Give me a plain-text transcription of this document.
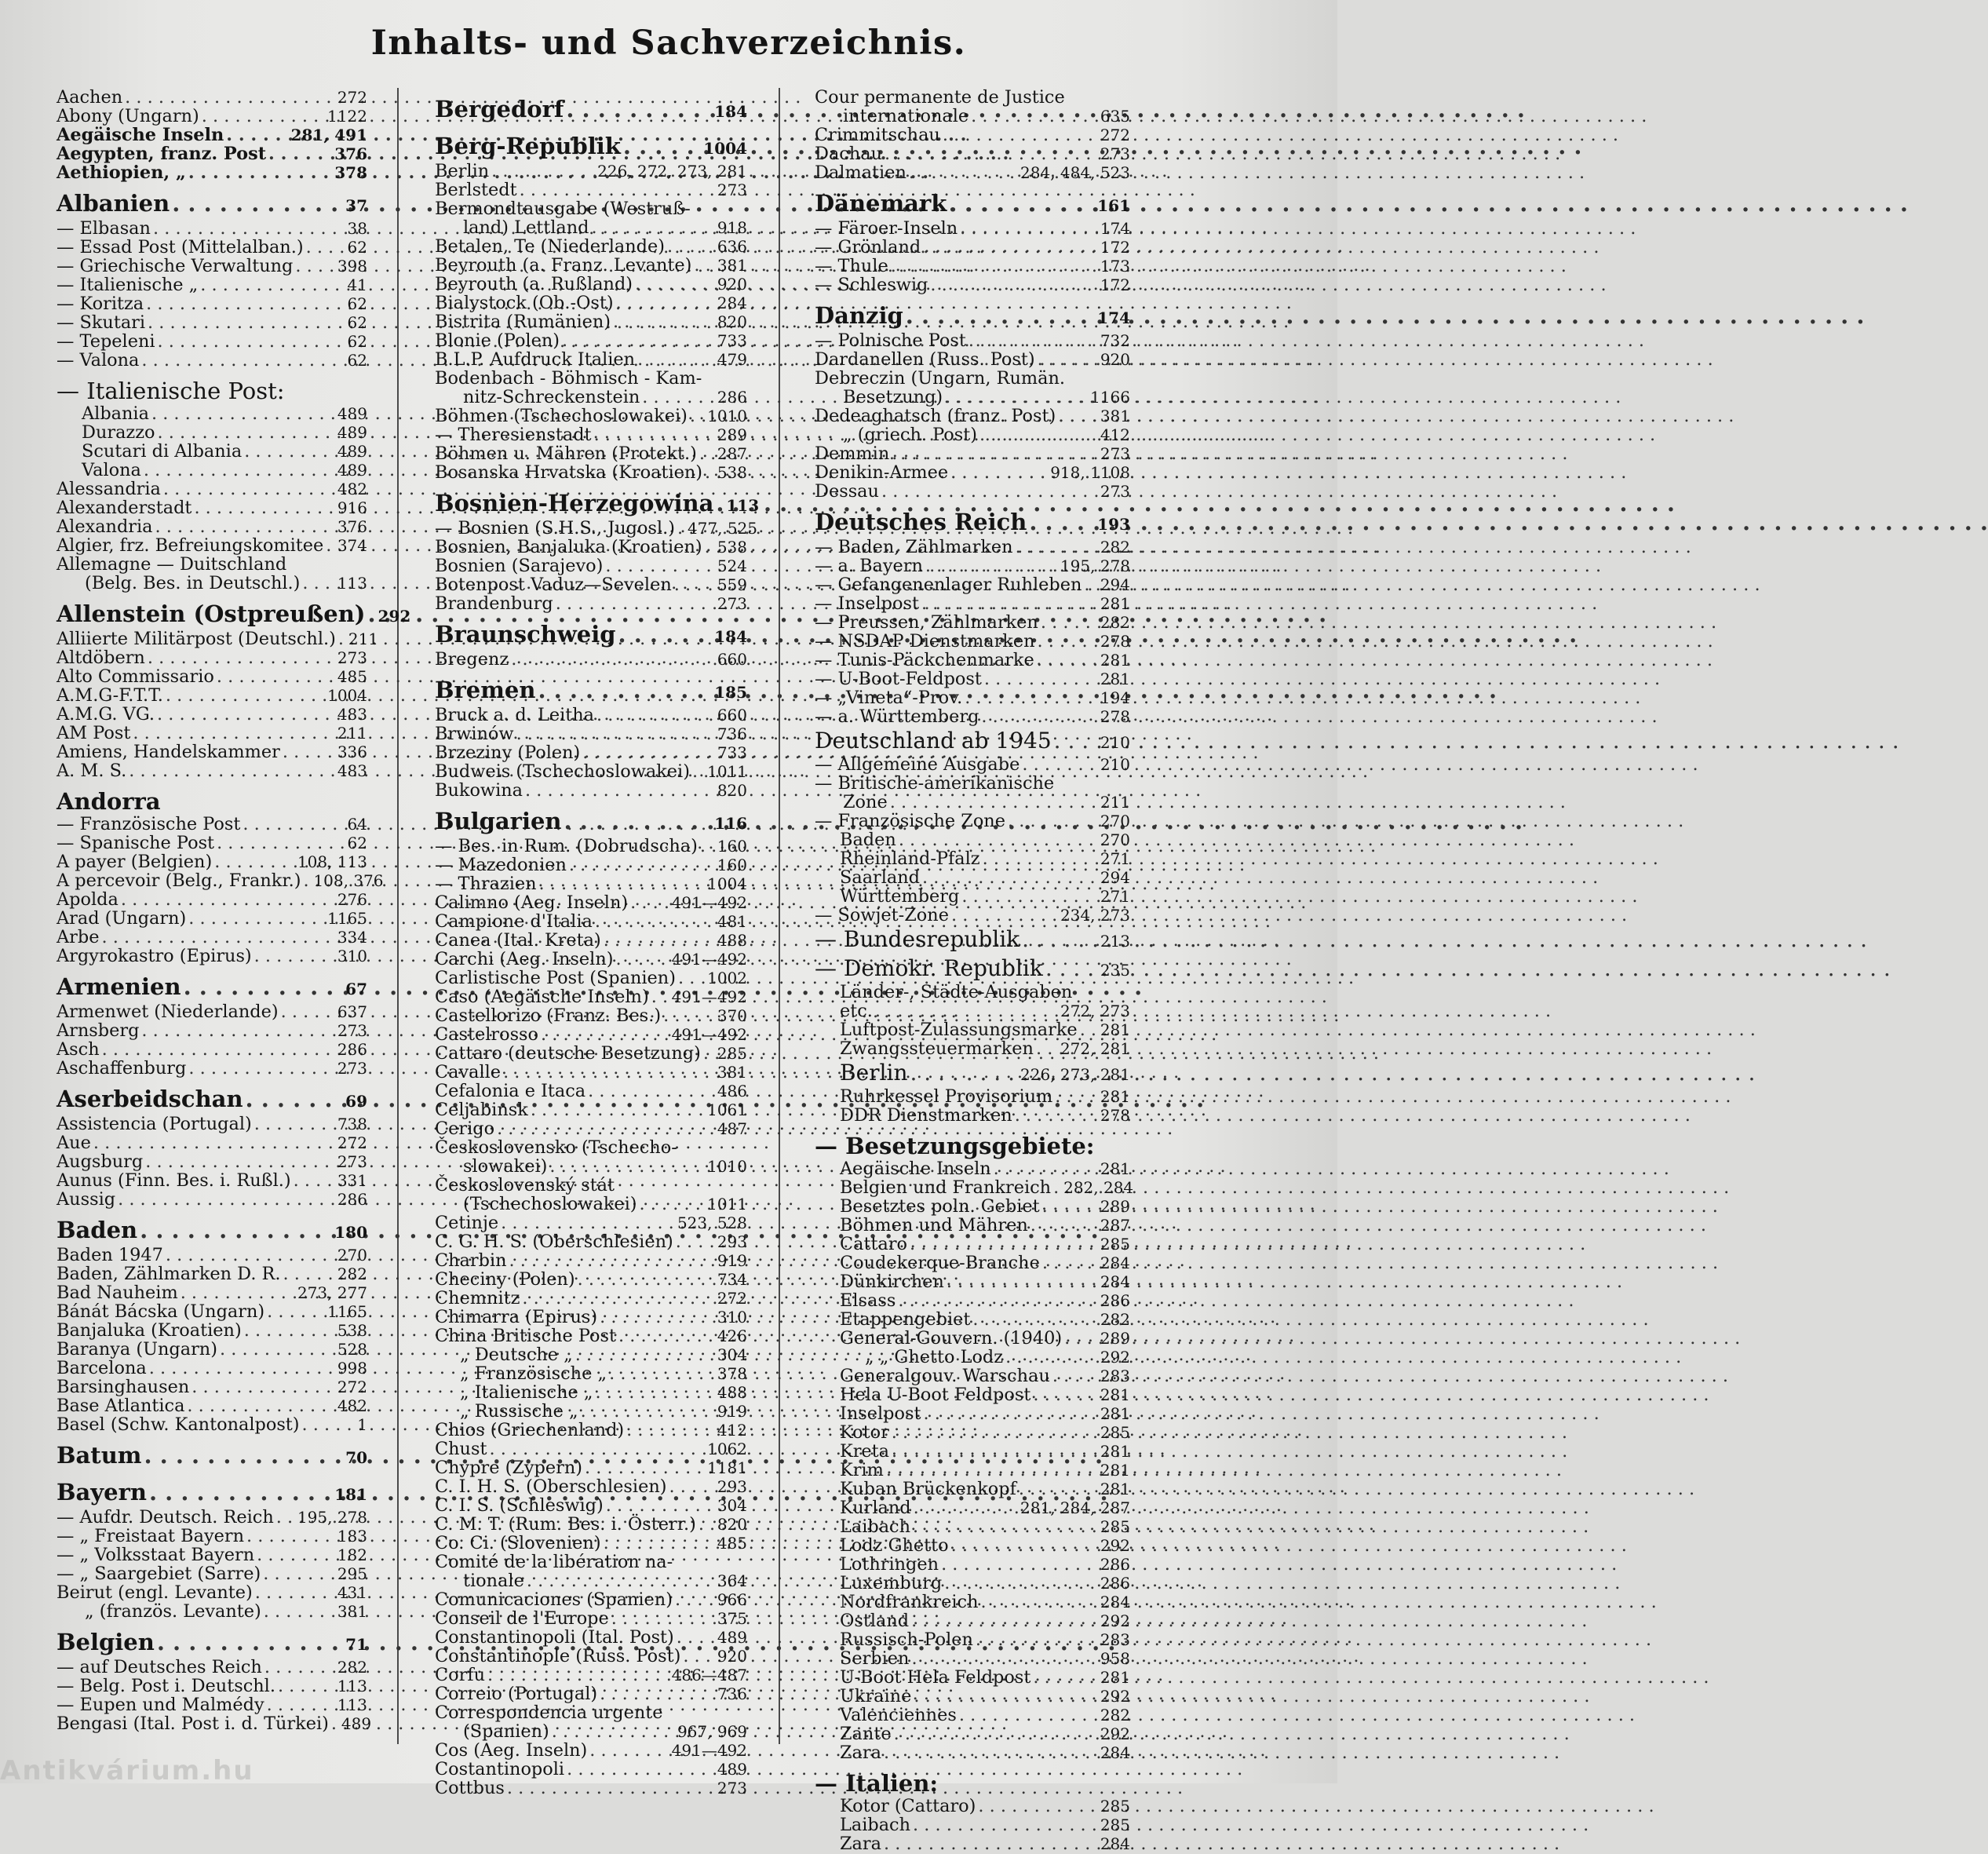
Inhalts- und Sachverzeichnis.
Aachen . . .	272
Abony (Ungarn) . . .	1122
Aegäische Inseln . . .	281, 491
Aegypten, franz. Post . . .	376
Aethiopien, „ . . .	378
Albanien . . .	37
— Elbasan . . .	38
— Essad Post (Mittelalban.) . . .	62
— Griechische Verwaltung . . .	398
— Italienische „ . . .	41
— Koritza . . .	62
— Skutari . . .	62
— Tepeleni . . .	62
— Valona . . .	62
— Italienische Post:
Albania . . .	489
Durazzo . . .	489
Scutari di Albania . . .	489
Valona . . .	489
Alessandria . . .	482
Alexanderstadt . . .	916
Alexandria . . .	376
Algier, frz. Befreiungskomitee . . . 374
Allemagne — Duitschland
(Belg. Bes. in Deutschl.) . . . 113
Allenstein (Ostpreußen) . . . 292
Alliierte Militärpost (Deutschl.) . . . 211
Altdöbern . . .	273
Alto Commissario . . .	485
A.M.G-F.T.T. . . .	1004
A.M.G. VG. . . .	483
AM Post . . .	211
Amiens, Handelskammer . . .	336
A. M. S. . . .	483
Andorra
— Französische Post . . .	64
— Spanische Post . . .	62
A payer (Belgien) . . .	108, 113
A percevoir (Belg., Frankr.) . . . 108, 376
Apolda . . .	276
Arad (Ungarn) . . .	1165
Arbe . . .	334
Argyrokastro (Epirus) . . .	310
Armenien . . .	67
Armenwet (Niederlande) . . .	637
Arnsberg . . .	273
Asch . . .	286
Aschaffenburg . . .	273
Aserbeidschan . . .	69
Assistencia (Portugal) . . .	738
Aue . . .	272
Augsburg . . .	273
Aunus (Finn. Bes. i. Rußl.) . . .	331
Aussig . . .	286
Baden . . .	180
Baden 1947 . . .	270
Baden, Zählmarken D. R. . . .	282
Bad Nauheim . . .	273, 277
Bánát Bácska (Ungarn) . . .	1165
Banjaluka (Kroatien) . . .	538
Baranya (Ungarn) . . .	528
Barcelona . . .	998
Barsinghausen . . .	272
Base Atlantica . . .	482
Basel (Schw. Kantonalpost) . . .	1
Batum . . .	70
Bayern . . .	181
— Aufdr. Deutsch. Reich . . . 195, 278
— „ Freistaat Bayern . . .	183
— „ Volksstaat Bayern . . .	182
— „ Saargebiet (Sarre) . . .	295
Beirut (engl. Levante) . . .	431
„ (französ. Levante) . . .	381
Belgien . . .	71
— auf Deutsches Reich . . .	282
— Belg. Post i. Deutschl. . . .	113
— Eupen und Malmédy . . .	113
Bengasi (Ital. Post i. d. Türkei) . . . 489
Bergedorf . . .	184
Berg-Republik . . .	1004
Berlin . . .	226, 272, 273, 281
Berlstedt . . .	273
Bermondtausgabe (Westruß-
land) Lettland . . .	918
Betalen, Te (Niederlande) . . .	636
Beyrouth (a. Franz. Levante) . . . 381
Beyrouth (a. Rußland) . . .	920
Bialystock (Ob.-Ost) . . .	284
Bistrita (Rumänien) . . .	820
Blonie (Polen) . . .	733
B.L.P. Aufdruck Italien . . .	479
Bodenbach - Böhmisch - Kam-
nitz-Schreckenstein . . .	286
Böhmen (Tschechoslowakei) . . . 1010
— Theresienstadt . . .	289
Böhmen u. Mähren (Protekt.) . . . 287
Bosanska Hrvatska (Kroatien) . . . 538
Bosnien-Herzegowina . . . 113
— Bosnien (S.H.S., Jugosl.) . . . 477, 525
Bosnien, Banjaluka (Kroatien) . . . 538
Bosnien (Sarajevo) . . .	524
Botenpost Vaduz—Sevelen . . .	559
Brandenburg . . .	273
Braunschweig . . .	184
Bregenz . . .	660
Bremen . . .	185
Bruck a. d. Leitha . . .	660
Brwinów . . .	736
Brzeziny (Polen) . . .	733
Budweis (Tschechoslowakei) . . . 1011
Bukowina . . .	820
Bulgarien . . .	116
— Bes. in Rum. (Dobrudscha) . . . 160
— Mazedonien . . .	160
— Thrazien . . .	1004
Calimno (Aeg. Inseln) . . .	491—492
Campione d'Italia . . .	481
Canea (Ital. Kreta) . . .	488
Carchi (Aeg. Inseln) . . .	491—492
Carlistische Post (Spanien) . . . 1002
Caso (Aegäische Inseln) . . . 491—492
Castellorizo (Franz. Bes.) . . .	370
Castelrosso . . .	491—492
Cattaro (deutsche Besetzung) . . . 285
Cavalle . . .	381
Cefalonia e Itaca . . .	486
Celjabinsk . . .	1061
Cerigo . . .	487
Československo (Tschecho-
slowakei) . . .	1010
Československý stát
(Tschechoslowakei) . . .	1011
Cetinje . . .	523, 528
C. G. H. S. (Oberschlesien) . . .	293
Charbin . . .	919
Checiny (Polen) . . .	734
Chemnitz . . .	272
Chimarra (Epirus) . . .	310
China Britische Post . . .	426
„ Deutsche „ . . .	304
„ Französische „ . . .	378
„ Italienische „ . . .	488
„ Russische „ . . .	919
Chios (Griechenland) . . .	412
Chust . . .	1062
Chypre (Zypern) . . .	1181
C. I. H. S. (Oberschlesien) . . .	293
C. I. S. (Schleswig) . . .	304
C. M. T. (Rum. Bes. i. Österr.) . . . 820
Co. Ci. (Slovenien) . . .	485
Comité de la libération na-
tionale . . .	364
Comunicaciones (Spanien) . . .	966
Conseil de l'Europe . . .	375
Constantinopoli (Ital. Post) . . .	489
Constantinople (Russ. Post) . . . 920
Corfu . . .	486—487
Correio (Portugal) . . .	736
Correspondencia urgente
(Spanien) . . .	967, 969
Cos (Aeg. Inseln) . . .	491—492
Costantinopoli . . .	489
Cottbus . . .	273
Cour permanente de Justice
internationale . . .	635
Crimmitschau . . .	272
Dachau . . .	273
Dalmatien . . .	284, 484, 523
Dänemark . . .	161
— Färoer-Inseln . . .	174
— Grönland . . .	172
— Thule . . .	173
— Schleswig . . .	172
Danzig . . .	174
— Polnische Post . . .	732
Dardanellen (Russ. Post) . . .	920
Debreczin (Ungarn, Rumän.
Besetzung) . . .	1166
Dedeaghatsch (franz. Post) . . .	381
„ (griech. Post) . . .	412
Demmin . . .	273
Denikin-Armee . . .	918, 1108
Dessau . . .	273
Deutsches Reich . . .	193
— Baden, Zählmarken . . .	282
— a. Bayern . . .	195, 278
— Gefangenenlager Ruhleben . . . 294
— Inselpost . . .	281
— Preussen, Zählmarken . . .	282
— NSDAP Dienstmarken . . .	278
— Tunis-Päckchenmarke . . .	281
— U-Boot-Feldpost . . .	281
— „Vineta“-Prov. . . .	194
— a. Württemberg . . .	278
Deutschland ab 1945 . . .	210
— Allgemeine Ausgabe . . .	210
— Britische-amerikanische
Zone . . .	211
— Französische Zone . . .	270
Baden . . .	270
Rheinland-Pfalz . . .	271
Saarland . . .	294
Württemberg . . .	271
— Sowjet-Zone . . .	234, 273
— Bundesrepublik . . .	213
— Demokr. Republik . . .	235
Länder-, Städte-Ausgaben
etc. . . .	272, 273
Luftpost-Zulassungsmarke . . . 281
Zwangssteuermarken . . . 272, 281
Berlin . . .	226, 273, 281
Ruhrkessel Provisorium . . .	281
DDR Dienstmarken . . .	278
— Besetzungsgebiete:
Aegäische Inseln . . .	281
Belgien und Frankreich . . . 282, 284
Besetztes poln. Gebiet . . .	289
Böhmen und Mähren . . .	287
Cattaro . . .	285
Coudekerque-Branche . . .	284
Dünkirchen . . .	284
Elsass . . .	286
Etappengebiet . . .	282
General-Gouvern. (1940) . . . 289
„ „ Ghetto Lodz . . .	292
Generalgouv. Warschau . . .	283
Hela U-Boot Feldpost . . .	281
Inselpost . . .	281
Kotor . . .	285
Kreta . . .	281
Krim . . .	281
Kuban Brückenkopf . . .	281
Kurland . . .	281, 284, 287
Laibach . . .	285
Lodz Ghetto . . .	292
Lothringen . . .	286
Luxemburg . . .	286
Nordfrankreich . . .	284
Ostland . . .	292
Russisch-Polen . . .	283
Serbien . . .	958
U-Boot Hela Feldpost . . .	281
Ukraine . . .	292
Valenciennes . . .	282
Zante . . .	292
Zara . . .	284
— Italien:
Kotor (Cattaro) . . .	285
Laibach . . .	285
Zara . . .	284
Antikvárium.hu
